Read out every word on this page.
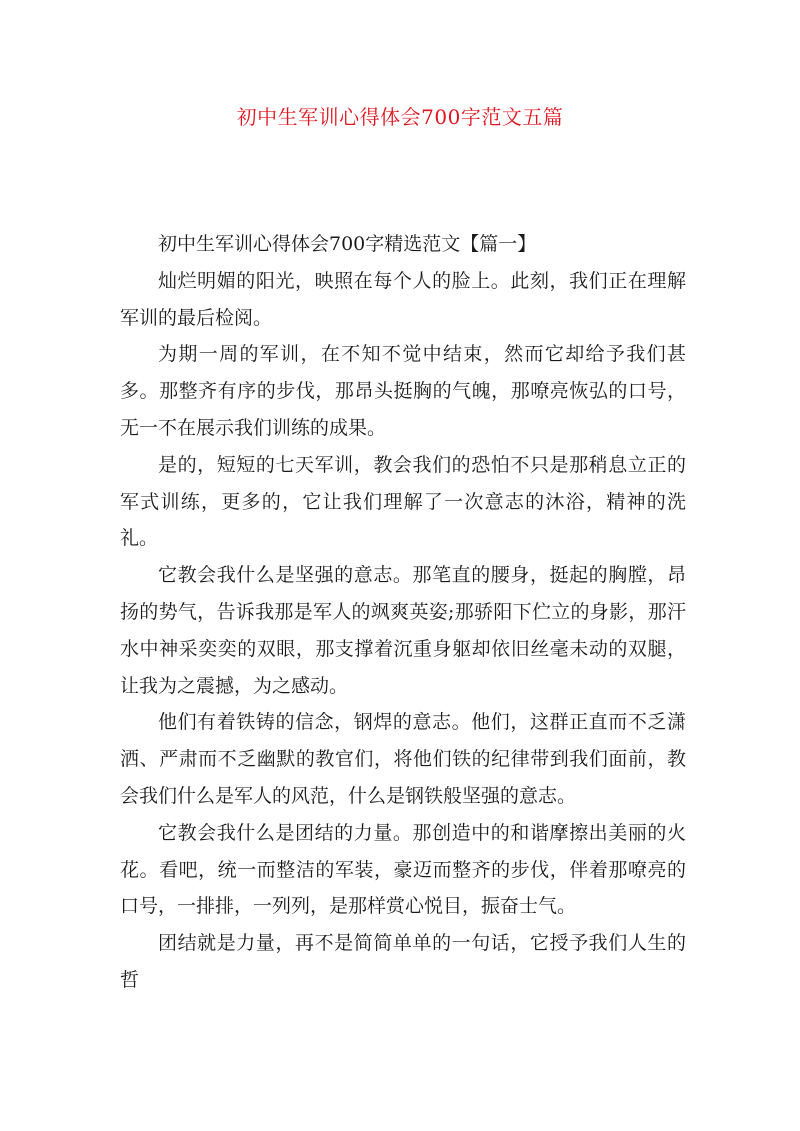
初中生军训心得体会700字范文五篇

初中生军训心得体会700字精选范文【篇一】

灿烂明媚的阳光，映照在每个人的脸上。此刻，我们正在理解军训的最后检阅。

为期一周的军训，在不知不觉中结束，然而它却给予我们甚多。那整齐有序的步伐，那昂头挺胸的气魄，那嘹亮恢弘的口号，无一不在展示我们训练的成果。

是的，短短的七天军训，教会我们的恐怕不只是那稍息立正的军式训练，更多的，它让我们理解了一次意志的沐浴，精神的洗礼。

它教会我什么是坚强的意志。那笔直的腰身，挺起的胸膛，昂扬的势气，告诉我那是军人的飒爽英姿;那骄阳下伫立的身影，那汗水中神采奕奕的双眼，那支撑着沉重身躯却依旧丝毫未动的双腿，让我为之震撼，为之感动。

他们有着铁铸的信念，钢焊的意志。他们，这群正直而不乏潇洒、严肃而不乏幽默的教官们，将他们铁的纪律带到我们面前，教会我们什么是军人的风范，什么是钢铁般坚强的意志。

它教会我什么是团结的力量。那创造中的和谐摩擦出美丽的火花。看吧，统一而整洁的军装，豪迈而整齐的步伐，伴着那嘹亮的口号，一排排，一列列，是那样赏心悦目，振奋士气。

团结就是力量，再不是简简单单的一句话，它授予我们人生的哲
